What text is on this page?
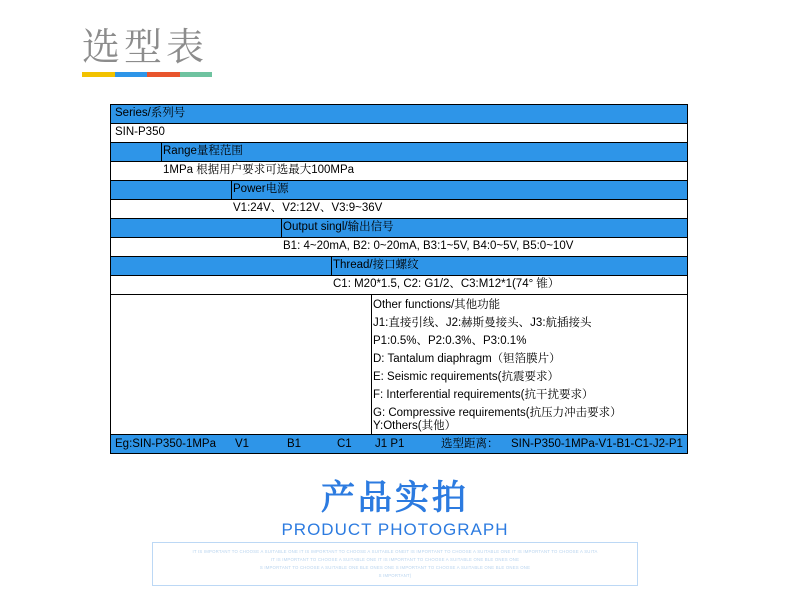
选型表
Series/系列号
SIN-P350
Range量程范围
1MPa 根据用户要求可选最大100MPa
Power电源
V1:24V、V2:12V、V3:9~36V
Output singl/输出信号
B1: 4~20mA, B2: 0~20mA, B3:1~5V, B4:0~5V, B5:0~10V
Thread/接口螺纹
C1: M20*1.5, C2: G1/2、C3:M12*1(74° 锥）
Other functions/其他功能
J1:直接引线、J2:赫斯曼接头、J3:航插接头
P1:0.5%、P2:0.3%、P3:0.1%
D: Tantalum diaphragm（钽箔膜片）
E: Seismic requirements(抗震要求）
F: Interferential requirements(抗干扰要求）
G: Compressive requirements(抗压力冲击要求）
Y:Others(其他）
Eg:SIN-P350-1MPa V1	B1	C1 J1 P1	选型距离： SIN-P350-1MPa-V1-B1-C1-J2-P1
产品实拍
PRODUCT PHOTOGRAPH
IT IS IMPORTANT TO CHOOSE A SUITABLE ONE IT IS IMPORTANT TO CHOOSE A SUITABLE ONEIT IS IMPORTANT TO CHOOSE A SUITABLE ONE IT IS IMPORTANT TO CHOOSE A SUITA
IT IS IMPORTANT TO CHOOSE A SUITABLE ONE IT IS IMPORTANT TO CHOOSE A SUITABLE ONE BLE ONES ONE
S IMPORTANT TO CHOOSE A SUITABLE ONE BLE ONES ONE S IMPORTANT TO CHOOSE A SUITABLE ONE BLE ONES ONE
S IMPORTANT)
